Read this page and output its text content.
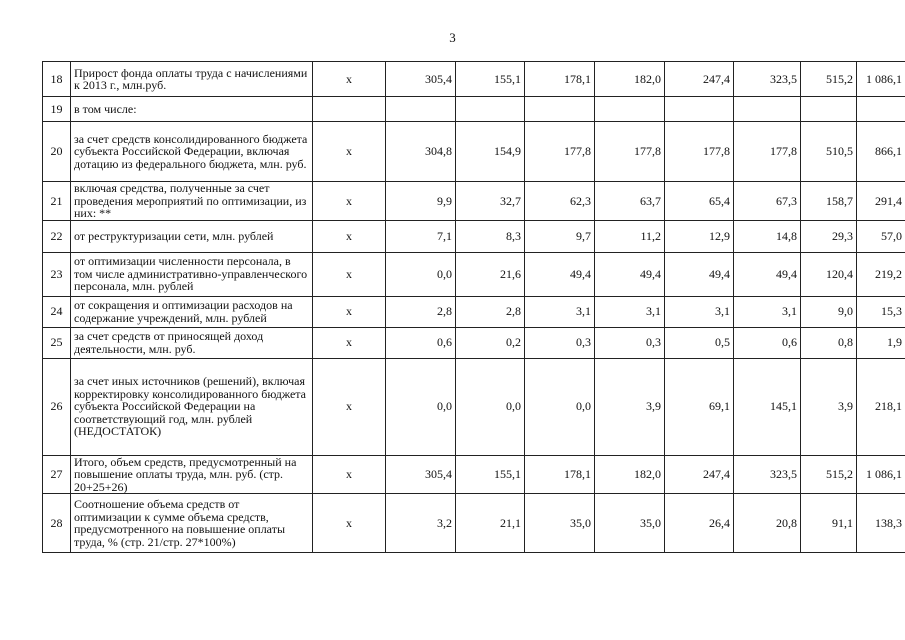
3
18	Прирост фонда оплаты труда с начислениями к 2013 г., млн.руб.	x	305,4	155,1	178,1	182,0	247,4	323,5	515,2	1 086,1
19	в том числе:									
20	за счет средств консолидированного бюджета субъекта Российской Федерации, включая дотацию из федерального бюджета, млн. руб.	x	304,8	154,9	177,8	177,8	177,8	177,8	510,5	866,1
21	включая средства, полученные за счет проведения мероприятий по оптимизации, из них: **	x	9,9	32,7	62,3	63,7	65,4	67,3	158,7	291,4
22	от реструктуризации сети, млн. рублей	x	7,1	8,3	9,7	11,2	12,9	14,8	29,3	57,0
23	от оптимизации численности персонала, в том числе административно-управленческого персонала, млн. рублей	x	0,0	21,6	49,4	49,4	49,4	49,4	120,4	219,2
24	от сокращения и оптимизации расходов на содержание учреждений, млн. рублей	x	2,8	2,8	3,1	3,1	3,1	3,1	9,0	15,3
25	за счет средств от приносящей доход деятельности, млн. руб.	x	0,6	0,2	0,3	0,3	0,5	0,6	0,8	1,9
26	за счет иных источников (решений), включая корректировку консолидированного бюджета субъекта Российской Федерации на соответствующий год, млн. рублей (НЕДОСТАТОК)	x	0,0	0,0	0,0	3,9	69,1	145,1	3,9	218,1
27	Итого, объем средств, предусмотренный на повышение оплаты труда, млн. руб. (стр. 20+25+26)	x	305,4	155,1	178,1	182,0	247,4	323,5	515,2	1 086,1
28	Соотношение объема средств от оптимизации к сумме объема средств, предусмотренного на повышение оплаты труда, % (стр. 21/стр. 27*100%)	x	3,2	21,1	35,0	35,0	26,4	20,8	91,1	138,3
